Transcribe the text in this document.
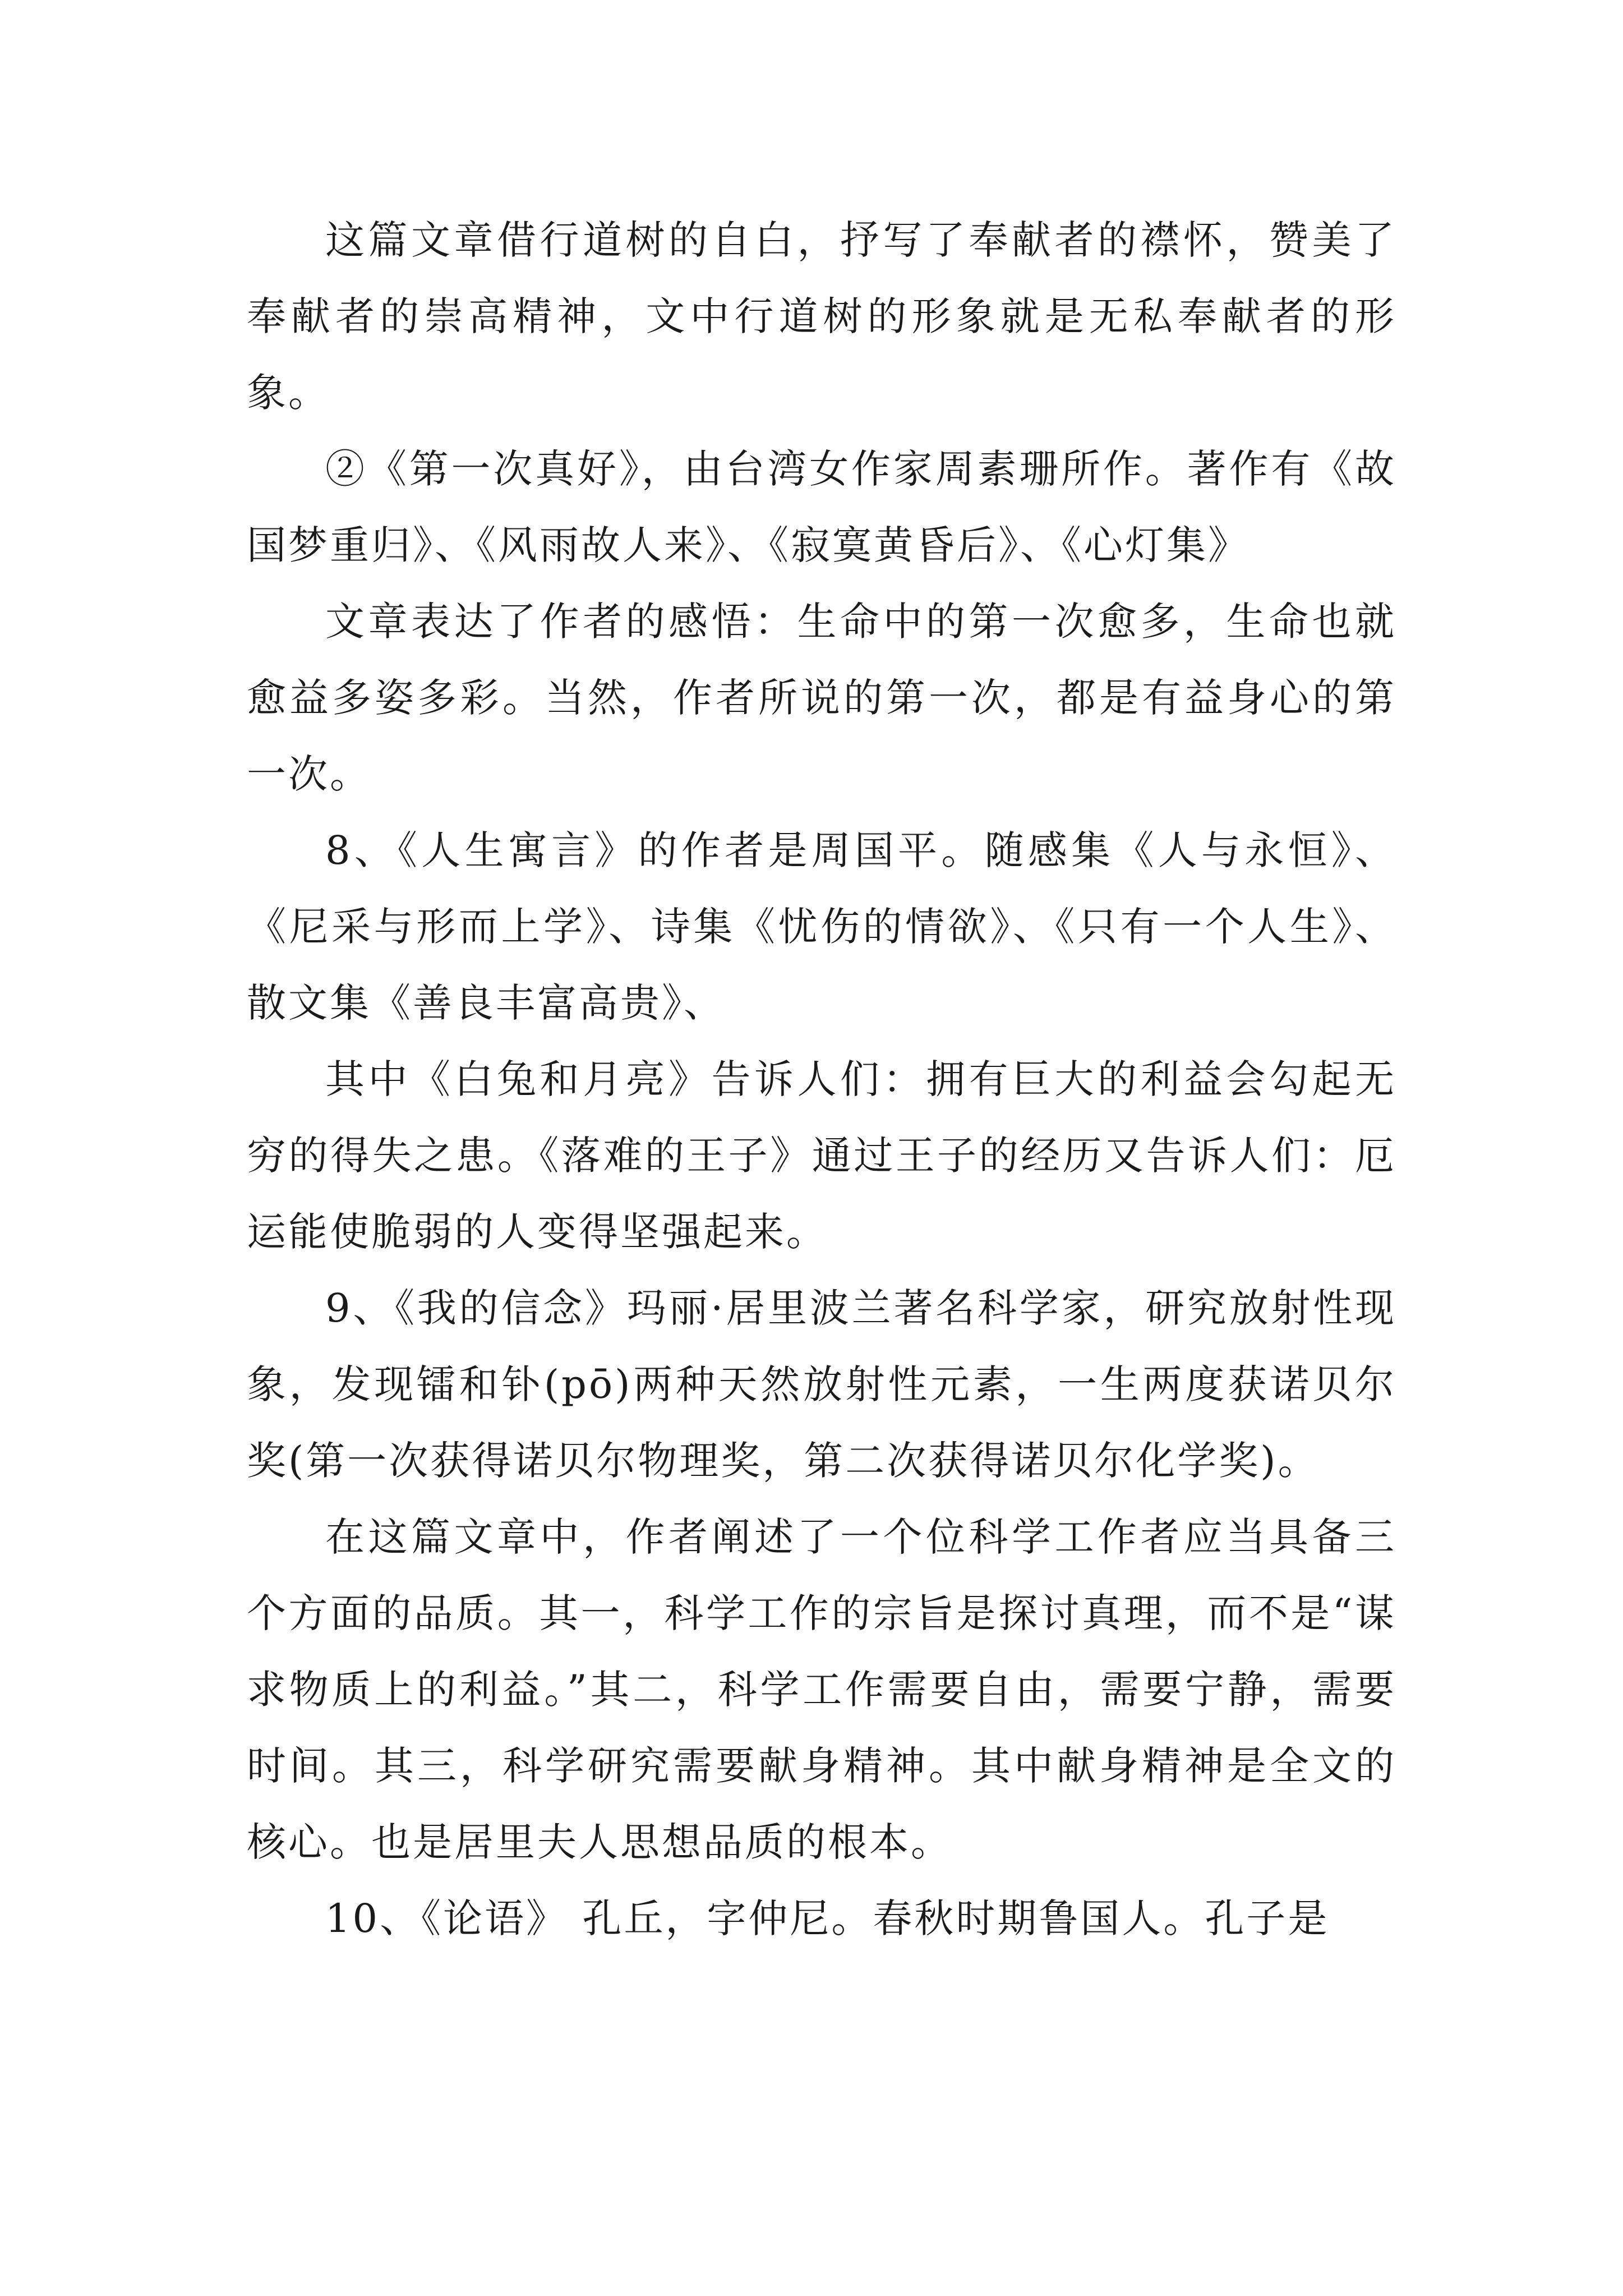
这篇文章借行道树的自白，抒写了奉献者的襟怀，赞美了奉献者的崇高精神，文中行道树的形象就是无私奉献者的形象。

②《第一次真好》，由台湾女作家周素珊所作。著作有《故国梦重归》、《风雨故人来》、《寂寞黄昏后》、《心灯集》

文章表达了作者的感悟：生命中的第一次愈多，生命也就愈益多姿多彩。当然，作者所说的第一次，都是有益身心的第一次。

8、《人生寓言》的作者是周国平。随感集《人与永恒》、《尼采与形而上学》、诗集《忧伤的情欲》、《只有一个人生》、散文集《善良丰富高贵》、

其中《白兔和月亮》告诉人们：拥有巨大的利益会勾起无穷的得失之患。《落难的王子》通过王子的经历又告诉人们：厄运能使脆弱的人变得坚强起来。

9、《我的信念》玛丽·居里波兰著名科学家，研究放射性现象，发现镭和钋(pō)两种天然放射性元素，一生两度获诺贝尔奖(第一次获得诺贝尔物理奖，第二次获得诺贝尔化学奖)。

在这篇文章中，作者阐述了一个位科学工作者应当具备三个方面的品质。其一，科学工作的宗旨是探讨真理，而不是“谋求物质上的利益。”其二，科学工作需要自由，需要宁静，需要时间。其三，科学研究需要献身精神。其中献身精神是全文的核心。也是居里夫人思想品质的根本。

10、《论语》 孔丘，字仲尼。春秋时期鲁国人。孔子是
